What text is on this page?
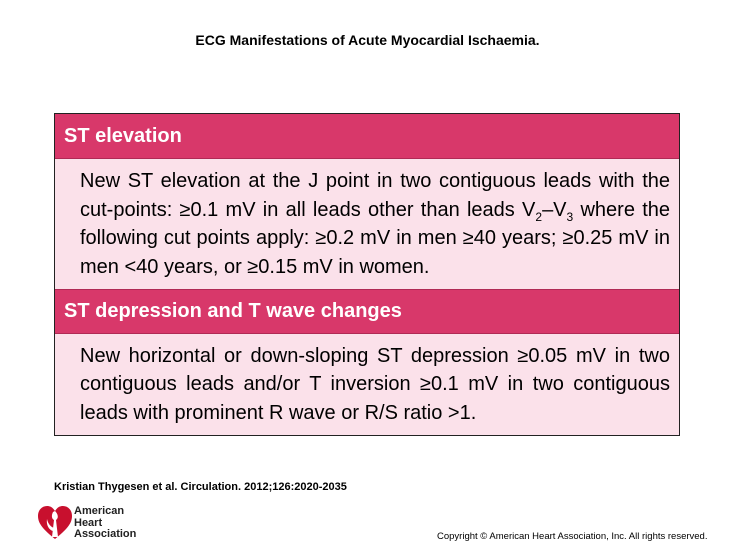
ECG Manifestations of Acute Myocardial Ischaemia.
ST elevation
New ST elevation at the J point in two contiguous leads with the cut-points: ≥0.1 mV in all leads other than leads $V_2-V_3$ where the following cut points apply: ≥0.2 mV in men ≥40 years; ≥0.25 mV in men <40 years, or ≥0.15 mV in women.
ST depression and T wave changes
New horizontal or down-sloping ST depression ≥0.05 mV in two contiguous leads and/or T inversion ≥0.1 mV in two contiguous leads with prominent R wave or R/S ratio >1.
Kristian Thygesen et al. Circulation. 2012;126:2020-2035
American
Heart
Association	Copyright © American Heart Association, Inc. All rights reserved.
